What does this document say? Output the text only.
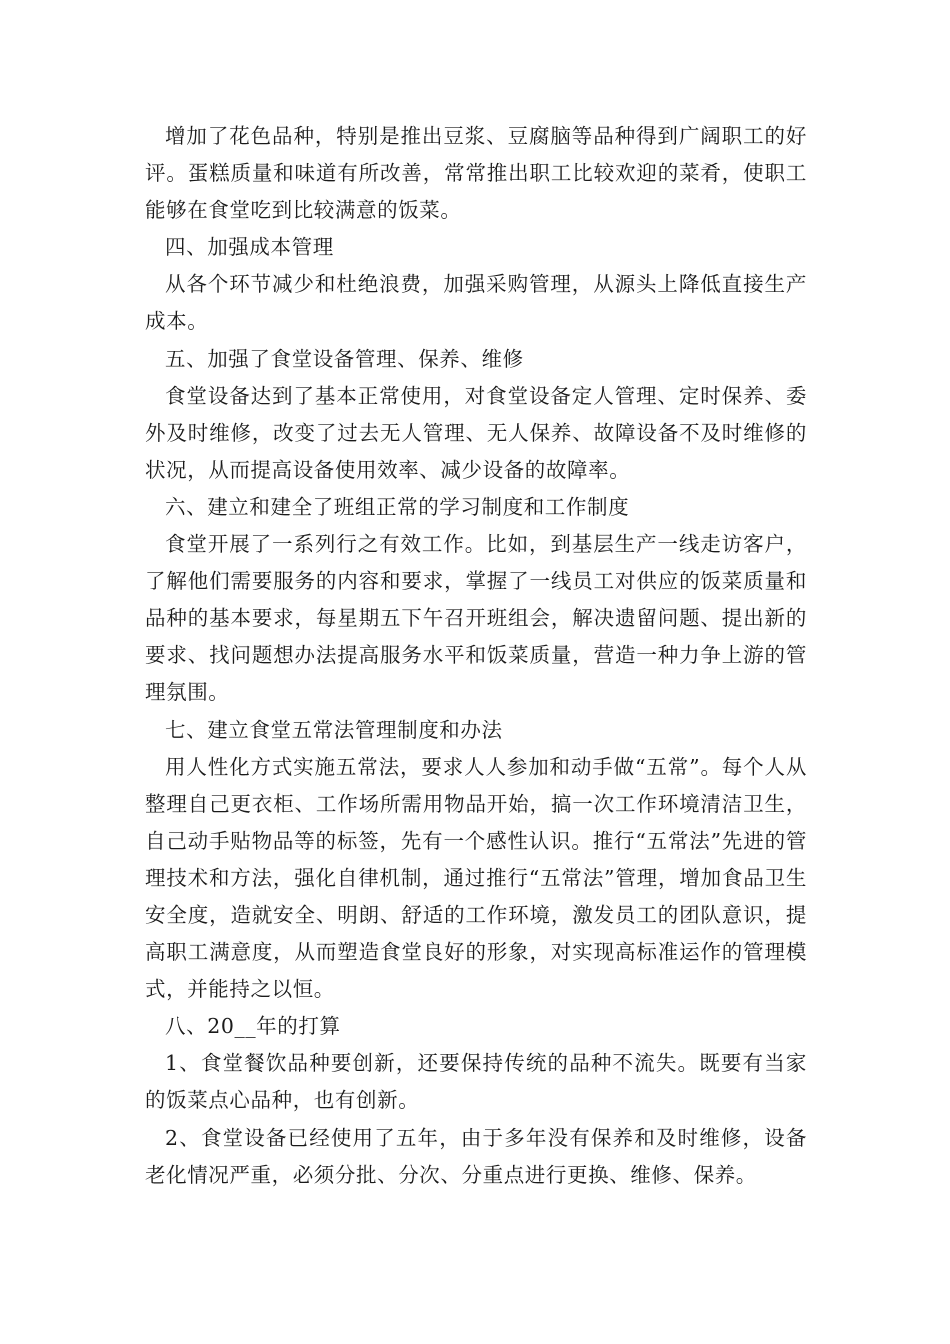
增加了花色品种，特别是推出豆浆、豆腐脑等品种得到广阔职工的好评。蛋糕质量和味道有所改善，常常推出职工比较欢迎的菜肴，使职工能够在食堂吃到比较满意的饭菜。

四、加强成本管理

从各个环节减少和杜绝浪费，加强采购管理，从源头上降低直接生产成本。

五、加强了食堂设备管理、保养、维修

食堂设备达到了基本正常使用，对食堂设备定人管理、定时保养、委外及时维修，改变了过去无人管理、无人保养、故障设备不及时维修的状况，从而提高设备使用效率、减少设备的故障率。

六、建立和建全了班组正常的学习制度和工作制度

食堂开展了一系列行之有效工作。比如，到基层生产一线走访客户，了解他们需要服务的内容和要求，掌握了一线员工对供应的饭菜质量和品种的基本要求，每星期五下午召开班组会，解决遗留问题、提出新的要求、找问题想办法提高服务水平和饭菜质量，营造一种力争上游的管理氛围。

七、建立食堂五常法管理制度和办法

用人性化方式实施五常法，要求人人参加和动手做“五常”。每个人从整理自己更衣柜、工作场所需用物品开始，搞一次工作环境清洁卫生，自己动手贴物品等的标签，先有一个感性认识。推行“五常法”先进的管理技术和方法，强化自律机制，通过推行“五常法”管理，增加食品卫生安全度，造就安全、明朗、舒适的工作环境，激发员工的团队意识，提高职工满意度，从而塑造食堂良好的形象，对实现高标准运作的管理模式，并能持之以恒。

八、20__年的打算

1、食堂餐饮品种要创新，还要保持传统的品种不流失。既要有当家的饭菜点心品种，也有创新。

2、食堂设备已经使用了五年，由于多年没有保养和及时维修，设备老化情况严重，必须分批、分次、分重点进行更换、维修、保养。
